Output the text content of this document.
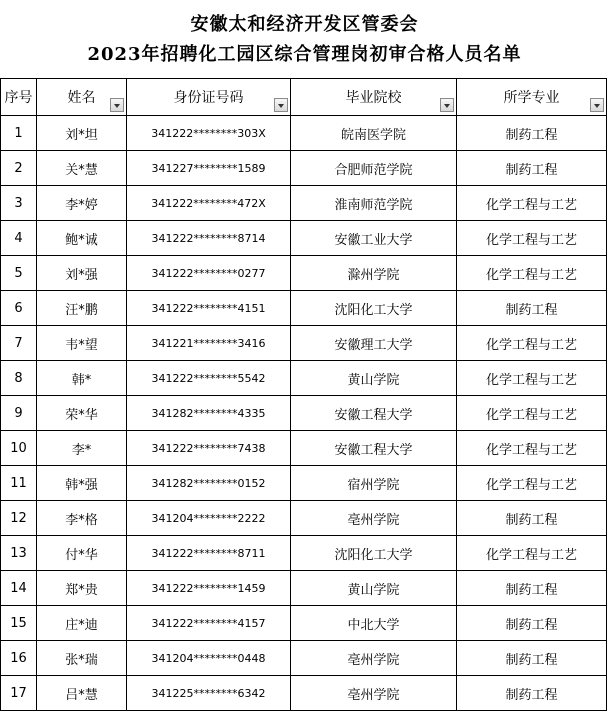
安徽太和经济开发区管委会
2023年招聘化工园区综合管理岗初审合格人员名单
序号	姓名	身份证号码	毕业院校	所学专业

1	刘*坦	341222********303X	皖南医学院	制药工程
2	关*慧	341227********1589	合肥师范学院	制药工程
3	李*婷	341222********472X	淮南师范学院	化学工程与工艺
4	鲍*诚	341222********8714	安徽工业大学	化学工程与工艺
5	刘*强	341222********0277	滁州学院	化学工程与工艺
6	汪*鹏	341222********4151	沈阳化工大学	制药工程
7	韦*望	341221********3416	安徽理工大学	化学工程与工艺
8	韩*	341222********5542	黄山学院	化学工程与工艺
9	荣*华	341282********4335	安徽工程大学	化学工程与工艺
10	李*	341222********7438	安徽工程大学	化学工程与工艺
11	韩*强	341282********0152	宿州学院	化学工程与工艺
12	李*格	341204********2222	亳州学院	制药工程
13	付*华	341222********8711	沈阳化工大学	化学工程与工艺
14	郑*贵	341222********1459	黄山学院	制药工程
15	庄*迪	341222********4157	中北大学	制药工程
16	张*瑞	341204********0448	亳州学院	制药工程
17	吕*慧	341225********6342	亳州学院	制药工程
